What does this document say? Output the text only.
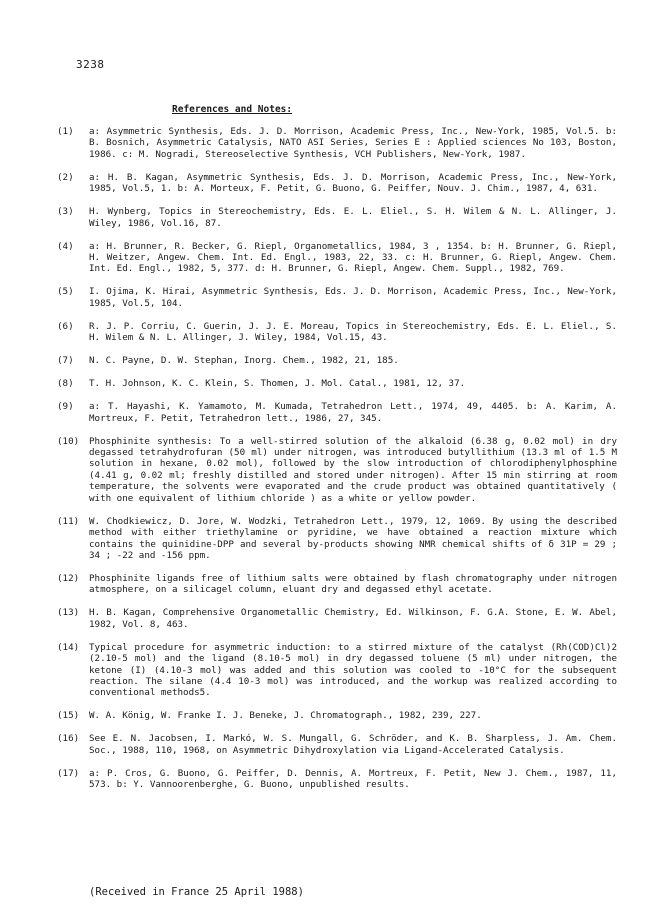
3238
References and Notes:
(1) a: Asymmetric Synthesis, Eds. J. D. Morrison, Academic Press, Inc., New-York, 1985, Vol.5. b: B. Bosnich, Asymmetric Catalysis, NATO ASI Series, Series E : Applied sciences No 103, Boston, 1986. c: M. Nogradi, Stereoselective Synthesis, VCH Publishers, New-York, 1987.
(2) a: H. B. Kagan, Asymmetric Synthesis, Eds. J. D. Morrison, Academic Press, Inc., New-York, 1985, Vol.5, 1. b: A. Morteux, F. Petit, G. Buono, G. Peiffer, Nouv. J. Chim., 1987, 4, 631.
(3) H. Wynberg, Topics in Stereochemistry, Eds. E. L. Eliel., S. H. Wilem & N. L. Allinger, J. Wiley, 1986, Vol.16, 87.
(4) a: H. Brunner, R. Becker, G. Riepl, Organometallics, 1984, 3 , 1354. b: H. Brunner, G. Riepl, H. Weitzer, Angew. Chem. Int. Ed. Engl., 1983, 22, 33. c: H. Brunner, G. Riepl, Angew. Chem. Int. Ed. Engl., 1982, 5, 377. d: H. Brunner, G. Riepl, Angew. Chem. Suppl., 1982, 769.
(5) I. Ojima, K. Hirai, Asymmetric Synthesis, Eds. J. D. Morrison, Academic Press, Inc., New-York, 1985, Vol.5, 104.
(6) R. J. P. Corriu, C. Guerin, J. J. E. Moreau, Topics in Stereochemistry, Eds. E. L. Eliel., S. H. Wilem & N. L. Allinger, J. Wiley, 1984, Vol.15, 43.
(7) N. C. Payne, D. W. Stephan, Inorg. Chem., 1982, 21, 185.
(8) T. H. Johnson, K. C. Klein, S. Thomen, J. Mol. Catal., 1981, 12, 37.
(9) a: T. Hayashi, K. Yamamoto, M. Kumada, Tetrahedron Lett., 1974, 49, 4405. b: A. Karim, A. Mortreux, F. Petit, Tetrahedron lett., 1986, 27, 345.
(10) Phosphinite synthesis: To a well-stirred solution of the alkaloid (6.38 g, 0.02 mol) in dry degassed tetrahydrofuran (50 ml) under nitrogen, was introduced butyllithium (13.3 ml of 1.5 M solution in hexane, 0.02 mol), followed by the slow introduction of chlorodiphenylphosphine (4.41 g, 0.02 ml; freshly distilled and stored under nitrogen). After 15 min stirring at room temperature, the solvents were evaporated and the crude product was obtained quantitatively ( with one equivalent of lithium chloride ) as a white or yellow powder.
(11) W. Chodkiewicz, D. Jore, W. Wodzki, Tetrahedron Lett., 1979, 12, 1069. By using the described method with either triethylamine or pyridine, we have obtained a reaction mixture which contains the quinidine-DPP and several by-products showing NMR chemical shifts of δ 31P = 29 ; 34 ; -22 and -156 ppm.
(12) Phosphinite ligands free of lithium salts were obtained by flash chromatography under nitrogen atmosphere, on a silicagel column, eluant dry and degassed ethyl acetate.
(13) H. B. Kagan, Comprehensive Organometallic Chemistry, Ed. Wilkinson, F. G.A. Stone, E. W. Abel, 1982, Vol. 8, 463.
(14) Typical procedure for asymmetric induction: to a stirred mixture of the catalyst (Rh(COD)Cl)2 (2.10-5 mol) and the ligand (8.10-5 mol) in dry degassed toluene (5 ml) under nitrogen, the ketone (I) (4.10-3 mol) was added and this solution was cooled to -10°C for the subsequent reaction. The silane (4.4 10-3 mol) was introduced, and the workup was realized according to conventional methods5.
(15) W. A. König, W. Franke I. J. Beneke, J. Chromatograph., 1982, 239, 227.
(16) See E. N. Jacobsen, I. Markó, W. S. Mungall, G. Schröder, and K. B. Sharpless, J. Am. Chem. Soc., 1988, 110, 1968, on Asymmetric Dihydroxylation via Ligand-Accelerated Catalysis.
(17) a: P. Cros, G. Buono, G. Peiffer, D. Dennis, A. Mortreux, F. Petit, New J. Chem., 1987, 11, 573. b: Y. Vannoorenberghe, G. Buono, unpublished results.
(Received in France 25 April 1988)
